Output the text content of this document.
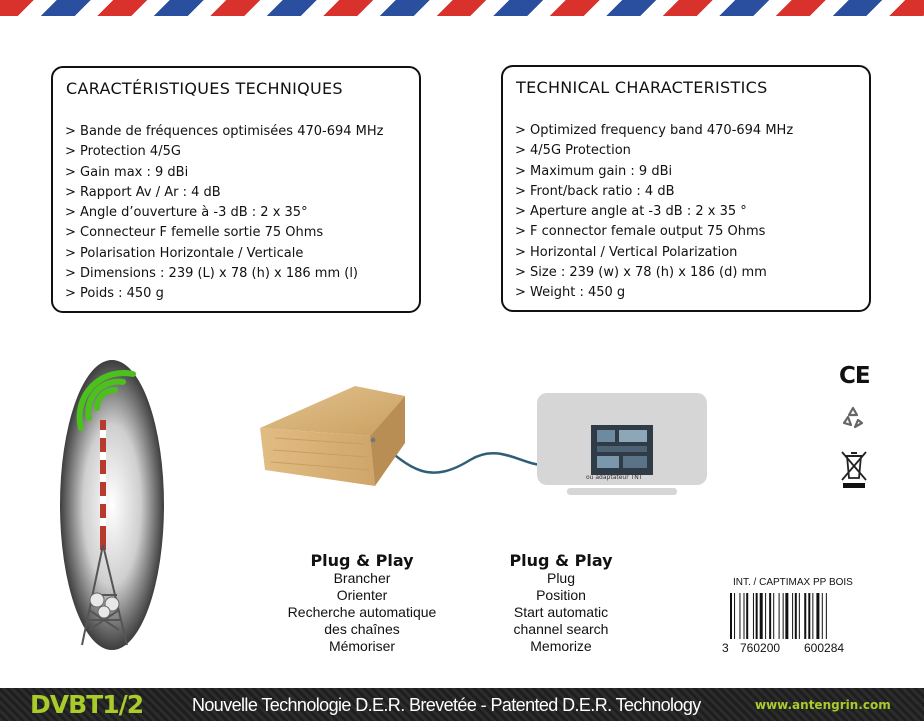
CARACTÉRISTIQUES TECHNIQUES
> Bande de fréquences optimisées 470-694 MHz
> Protection 4/5G
> Gain max : 9 dBi
> Rapport Av / Ar : 4 dB
> Angle d’ouverture à -3 dB : 2 x 35°
> Connecteur F femelle sortie 75 Ohms
> Polarisation Horizontale / Verticale
> Dimensions : 239 (L) x 78 (h) x 186 mm (l)
> Poids : 450 g
TECHNICAL CHARACTERISTICS
> Optimized frequency band 470-694 MHz
> 4/5G Protection
> Maximum gain : 9 dBi
> Front/back ratio : 4 dB
> Aperture angle at -3 dB : 2 x 35 °
> F connector female output 75 Ohms
> Horizontal / Vertical Polarization
> Size : 239 (w) x 78 (h) x 186 (d) mm
> Weight : 450 g
ou adaptateur TNT
Plug & Play
Brancher
Orienter
Recherche automatique
des chaînes
Mémoriser
Plug & Play
Plug
Position
Start automatic
channel search
Memorize
CE
INT. / CAPTIMAX PP BOIS
3 760200 600284
DVBT1/2	Nouvelle Technologie D.E.R. Brevetée - Patented D.E.R. Technology	www.antengrin.com
